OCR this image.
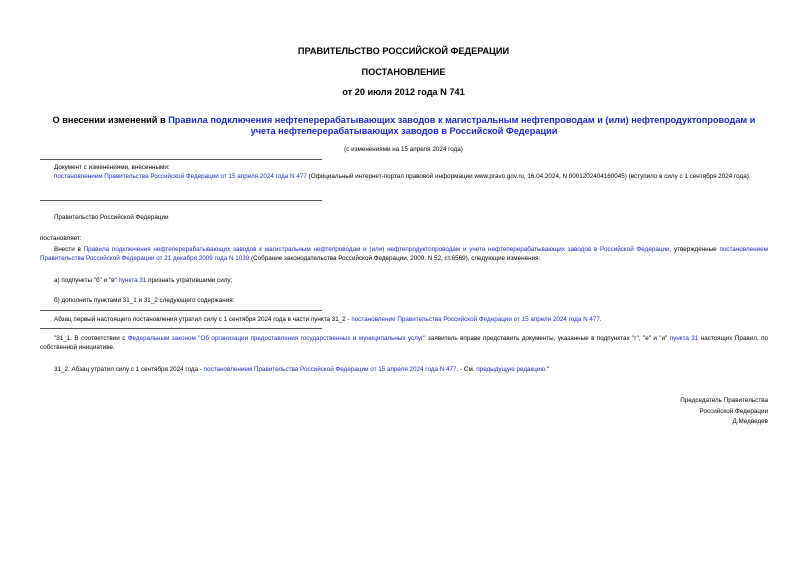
ПРАВИТЕЛЬСТВО РОССИЙСКОЙ ФЕДЕРАЦИИ
ПОСТАНОВЛЕНИЕ
от 20 июля 2012 года N 741
О внесении изменений в Правила подключения нефтеперерабатывающих заводов к магистральным нефтепроводам и (или) нефтепродуктопроводам и учета нефтеперерабатывающих заводов в Российской Федерации
(с изменениями на 15 апреля 2024 года)
Документ с изменениями, внесенными:
постановлением Правительства Российской Федерации от 15 апреля 2024 года N 477 (Официальный интернет-портал правовой информации www.pravo.gov.ru, 16.04.2024, N 0001202404160045) (вступило в силу с 1 сентября 2024 года).
Правительство Российской Федерации
постановляет:
Внести в Правила подключения нефтеперерабатывающих заводов к магистральным нефтепроводам и (или) нефтепродуктопроводам и учета нефтеперерабатывающих заводов в Российской Федерации, утвержденные постановлением Правительства Российской Федерации от 21 декабря 2009 года N 1039 (Собрание законодательства Российской Федерации, 2009, N 52, ст.6569), следующие изменения:
а) подпункты "б" и "в" пункта 31 признать утратившими силу;
б) дополнить пунктами 31_1 и 31_2 следующего содержания:
Абзац первый настоящего постановления утратил силу с 1 сентября 2024 года в части пункта 31_2 - постановление Правительства Российской Федерации от 15 апреля 2024 года N 477.
"31_1. В соответствии с Федеральным законом "Об организации предоставления государственных и муниципальных услуг" заявитель вправе представить документы, указанные в подпунктах "г", "е" и "и" пункта 31 настоящих Правил, по собственной инициативе.
31_2. Абзац утратил силу с 1 сентября 2024 года - постановлением Правительства Российской Федерации от 15 апреля 2024 года N 477. - См. предыдущую редакцию."
Председатель Правительства
Российской Федерации
Д.Медведев
